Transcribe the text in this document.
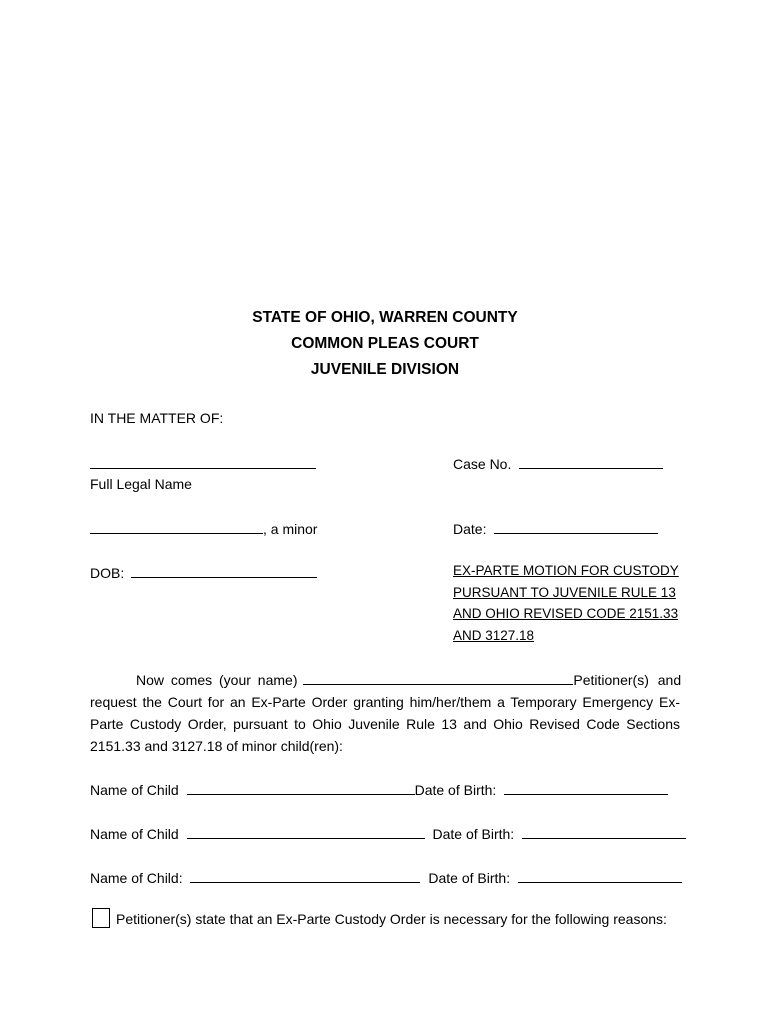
STATE OF OHIO, WARREN COUNTY
COMMON PLEAS COURT
JUVENILE DIVISION
IN THE MATTER OF:
Full Legal Name
Case No.
, a minor	Date:
DOB:	EX-PARTE MOTION FOR CUSTODY
PURSUANT TO JUVENILE RULE 13
AND OHIO REVISED CODE 2151.33
AND 3127.18
Now comes (your name)	Petitioner(s) and
request the Court for an Ex-Parte Order granting him/her/them a Temporary Emergency Ex-
Parte Custody Order, pursuant to Ohio Juvenile Rule 13 and Ohio Revised Code Sections
2151.33 and 3127.18 of minor child(ren):
Name of Child	Date of Birth:
Name of Child	Date of Birth:
Name of Child:	Date of Birth:
Petitioner(s) state that an Ex-Parte Custody Order is necessary for the following reasons:
